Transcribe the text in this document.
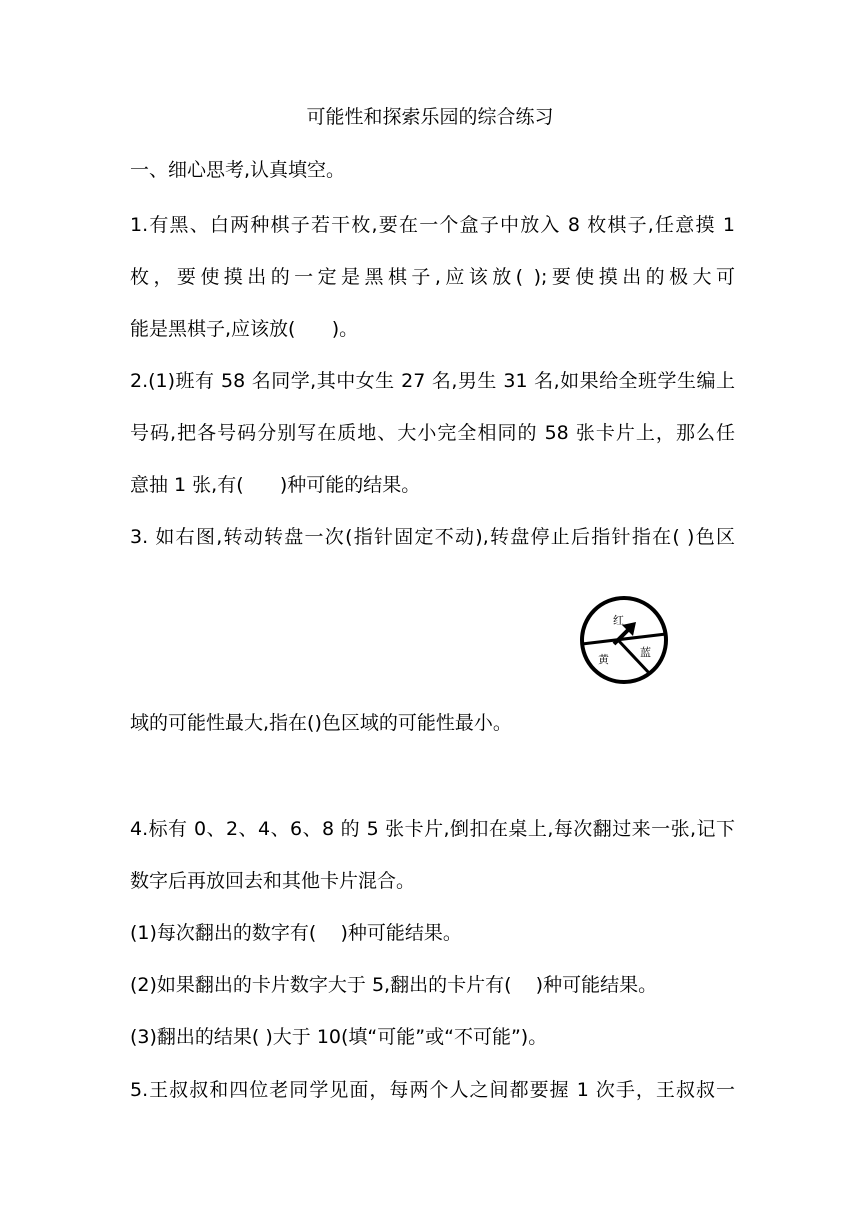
可能性和探索乐园的综合练习
一、细心思考,认真填空。
1.有黑、白两种棋子若干枚,要在一个盒子中放入 8 枚棋子,任意摸 1
枚，要使摸出的一定是黑棋子,应该放( );要使摸出的极大可
能是黑棋子,应该放(      )。
2.(1)班有 58 名同学,其中女生 27 名,男生 31 名,如果给全班学生编上
号码,把各号码分别写在质地、大小完全相同的 58 张卡片上，那么任
意抽 1 张,有(      )种可能的结果。
3. 如右图,转动转盘一次(指针固定不动),转盘停止后指针指在( )色区
红
黄
蓝
域的可能性最大,指在()色区域的可能性最小。
4.标有 0、2、4、6、8 的 5 张卡片,倒扣在桌上,每次翻过来一张,记下
数字后再放回去和其他卡片混合。
(1)每次翻出的数字有(    )种可能结果。
(2)如果翻出的卡片数字大于 5,翻出的卡片有(    )种可能结果。
(3)翻出的结果( )大于 10(填“可能”或“不可能”)。
5.王叔叔和四位老同学见面，每两个人之间都要握 1 次手，王叔叔一
